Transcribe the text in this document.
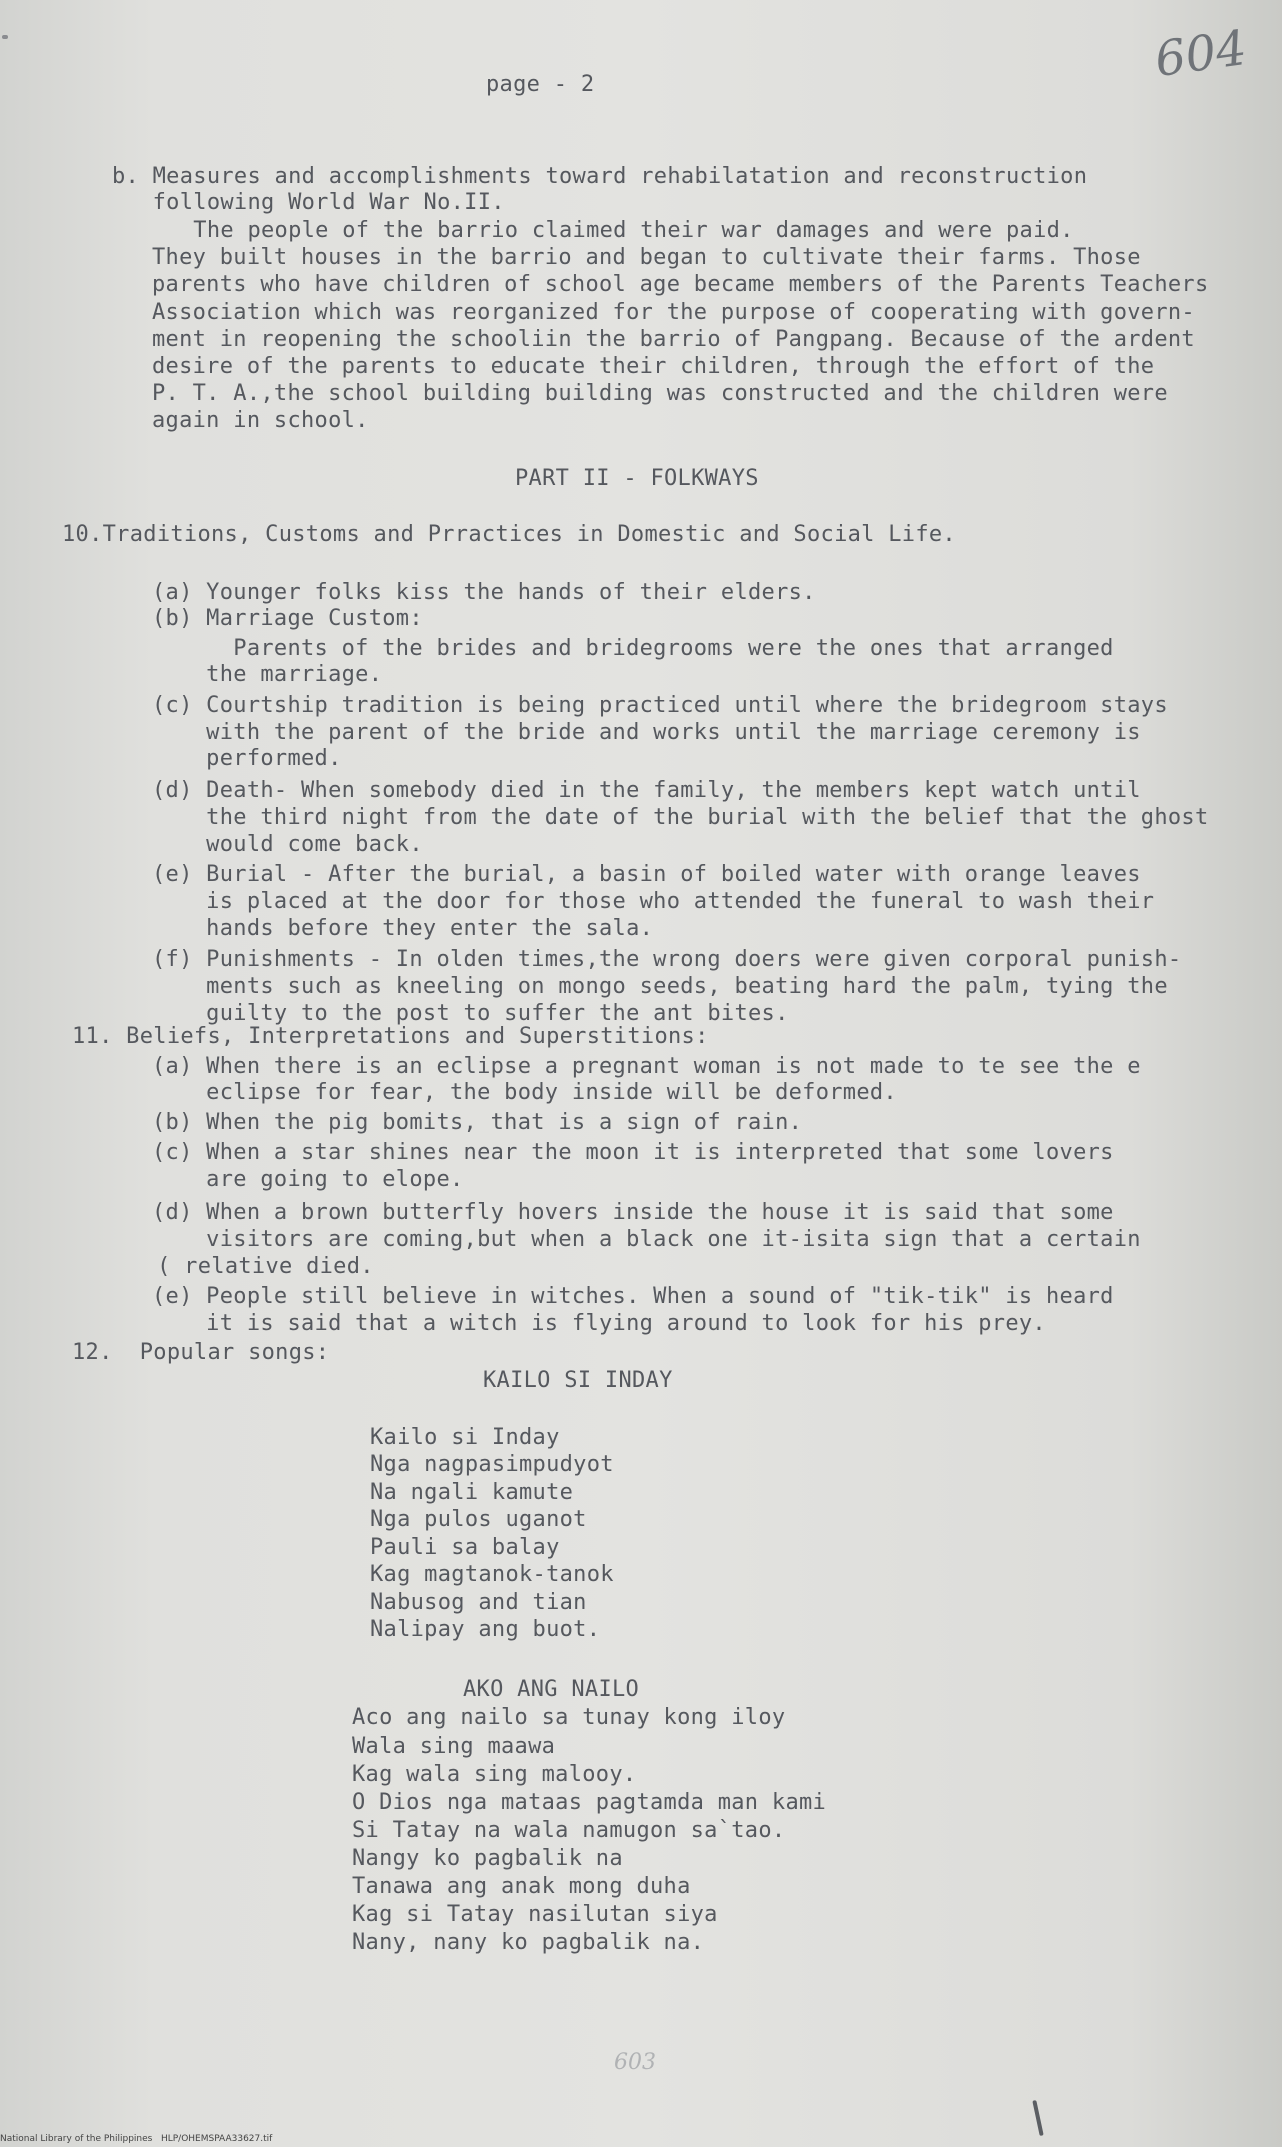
604
page - 2
b. Measures and accomplishments toward rehabilatation and reconstruction
following World War No.II.
The people of the barrio claimed their war damages and were paid.
They built houses in the barrio and began to cultivate their farms. Those
parents who have children of school age became members of the Parents Teachers
Association which was reorganized for the purpose of cooperating with govern-
ment in reopening the schooliin the barrio of Pangpang. Because of the ardent
desire of the parents to educate their children, through the effort of the
P. T. A.,the school building building was constructed and the children were
again in school.
PART II - FOLKWAYS
10.Traditions, Customs and Prractices in Domestic and Social Life.
(a) Younger folks kiss the hands of their elders.
(b) Marriage Custom:
Parents of the brides and bridegrooms were the ones that arranged
the marriage.
(c) Courtship tradition is being practiced until where the bridegroom stays
with the parent of the bride and works until the marriage ceremony is
performed.
(d) Death- When somebody died in the family, the members kept watch until
the third night from the date of the burial with the belief that the ghost
would come back.
(e) Burial - After the burial, a basin of boiled water with orange leaves
is placed at the door for those who attended the funeral to wash their
hands before they enter the sala.
(f) Punishments - In olden times,the wrong doers were given corporal punish-
ments such as kneeling on mongo seeds, beating hard the palm, tying the
guilty to the post to suffer the ant bites.
11. Beliefs, Interpretations and Superstitions:
(a) When there is an eclipse a pregnant woman is not made to te see the e
eclipse for fear, the body inside will be deformed.
(b) When the pig bomits, that is a sign of rain.
(c) When a star shines near the moon it is interpreted that some lovers
are going to elope.
(d) When a brown butterfly hovers inside the house it is said that some
visitors are coming,but when a black one it-isita sign that a certain
( relative died.
(e) People still believe in witches. When a sound of "tik-tik" is heard
it is said that a witch is flying around to look for his prey.
12.  Popular songs:
KAILO SI INDAY
Kailo si Inday
Nga nagpasimpudyot
Na ngali kamute
Nga pulos uganot
Pauli sa balay
Kag magtanok-tanok
Nabusog and tian
Nalipay ang buot.
AKO ANG NAILO
Aco ang nailo sa tunay kong iloy
Wala sing maawa
Kag wala sing malooy.
O Dios nga mataas pagtamda man kami
Si Tatay na wala namugon sa`tao.
Nangy ko pagbalik na
Tanawa ang anak mong duha
Kag si Tatay nasilutan siya
Nany, nany ko pagbalik na.
603
National Library of the Philippines HLP/OHEMSPAA33627.tif
